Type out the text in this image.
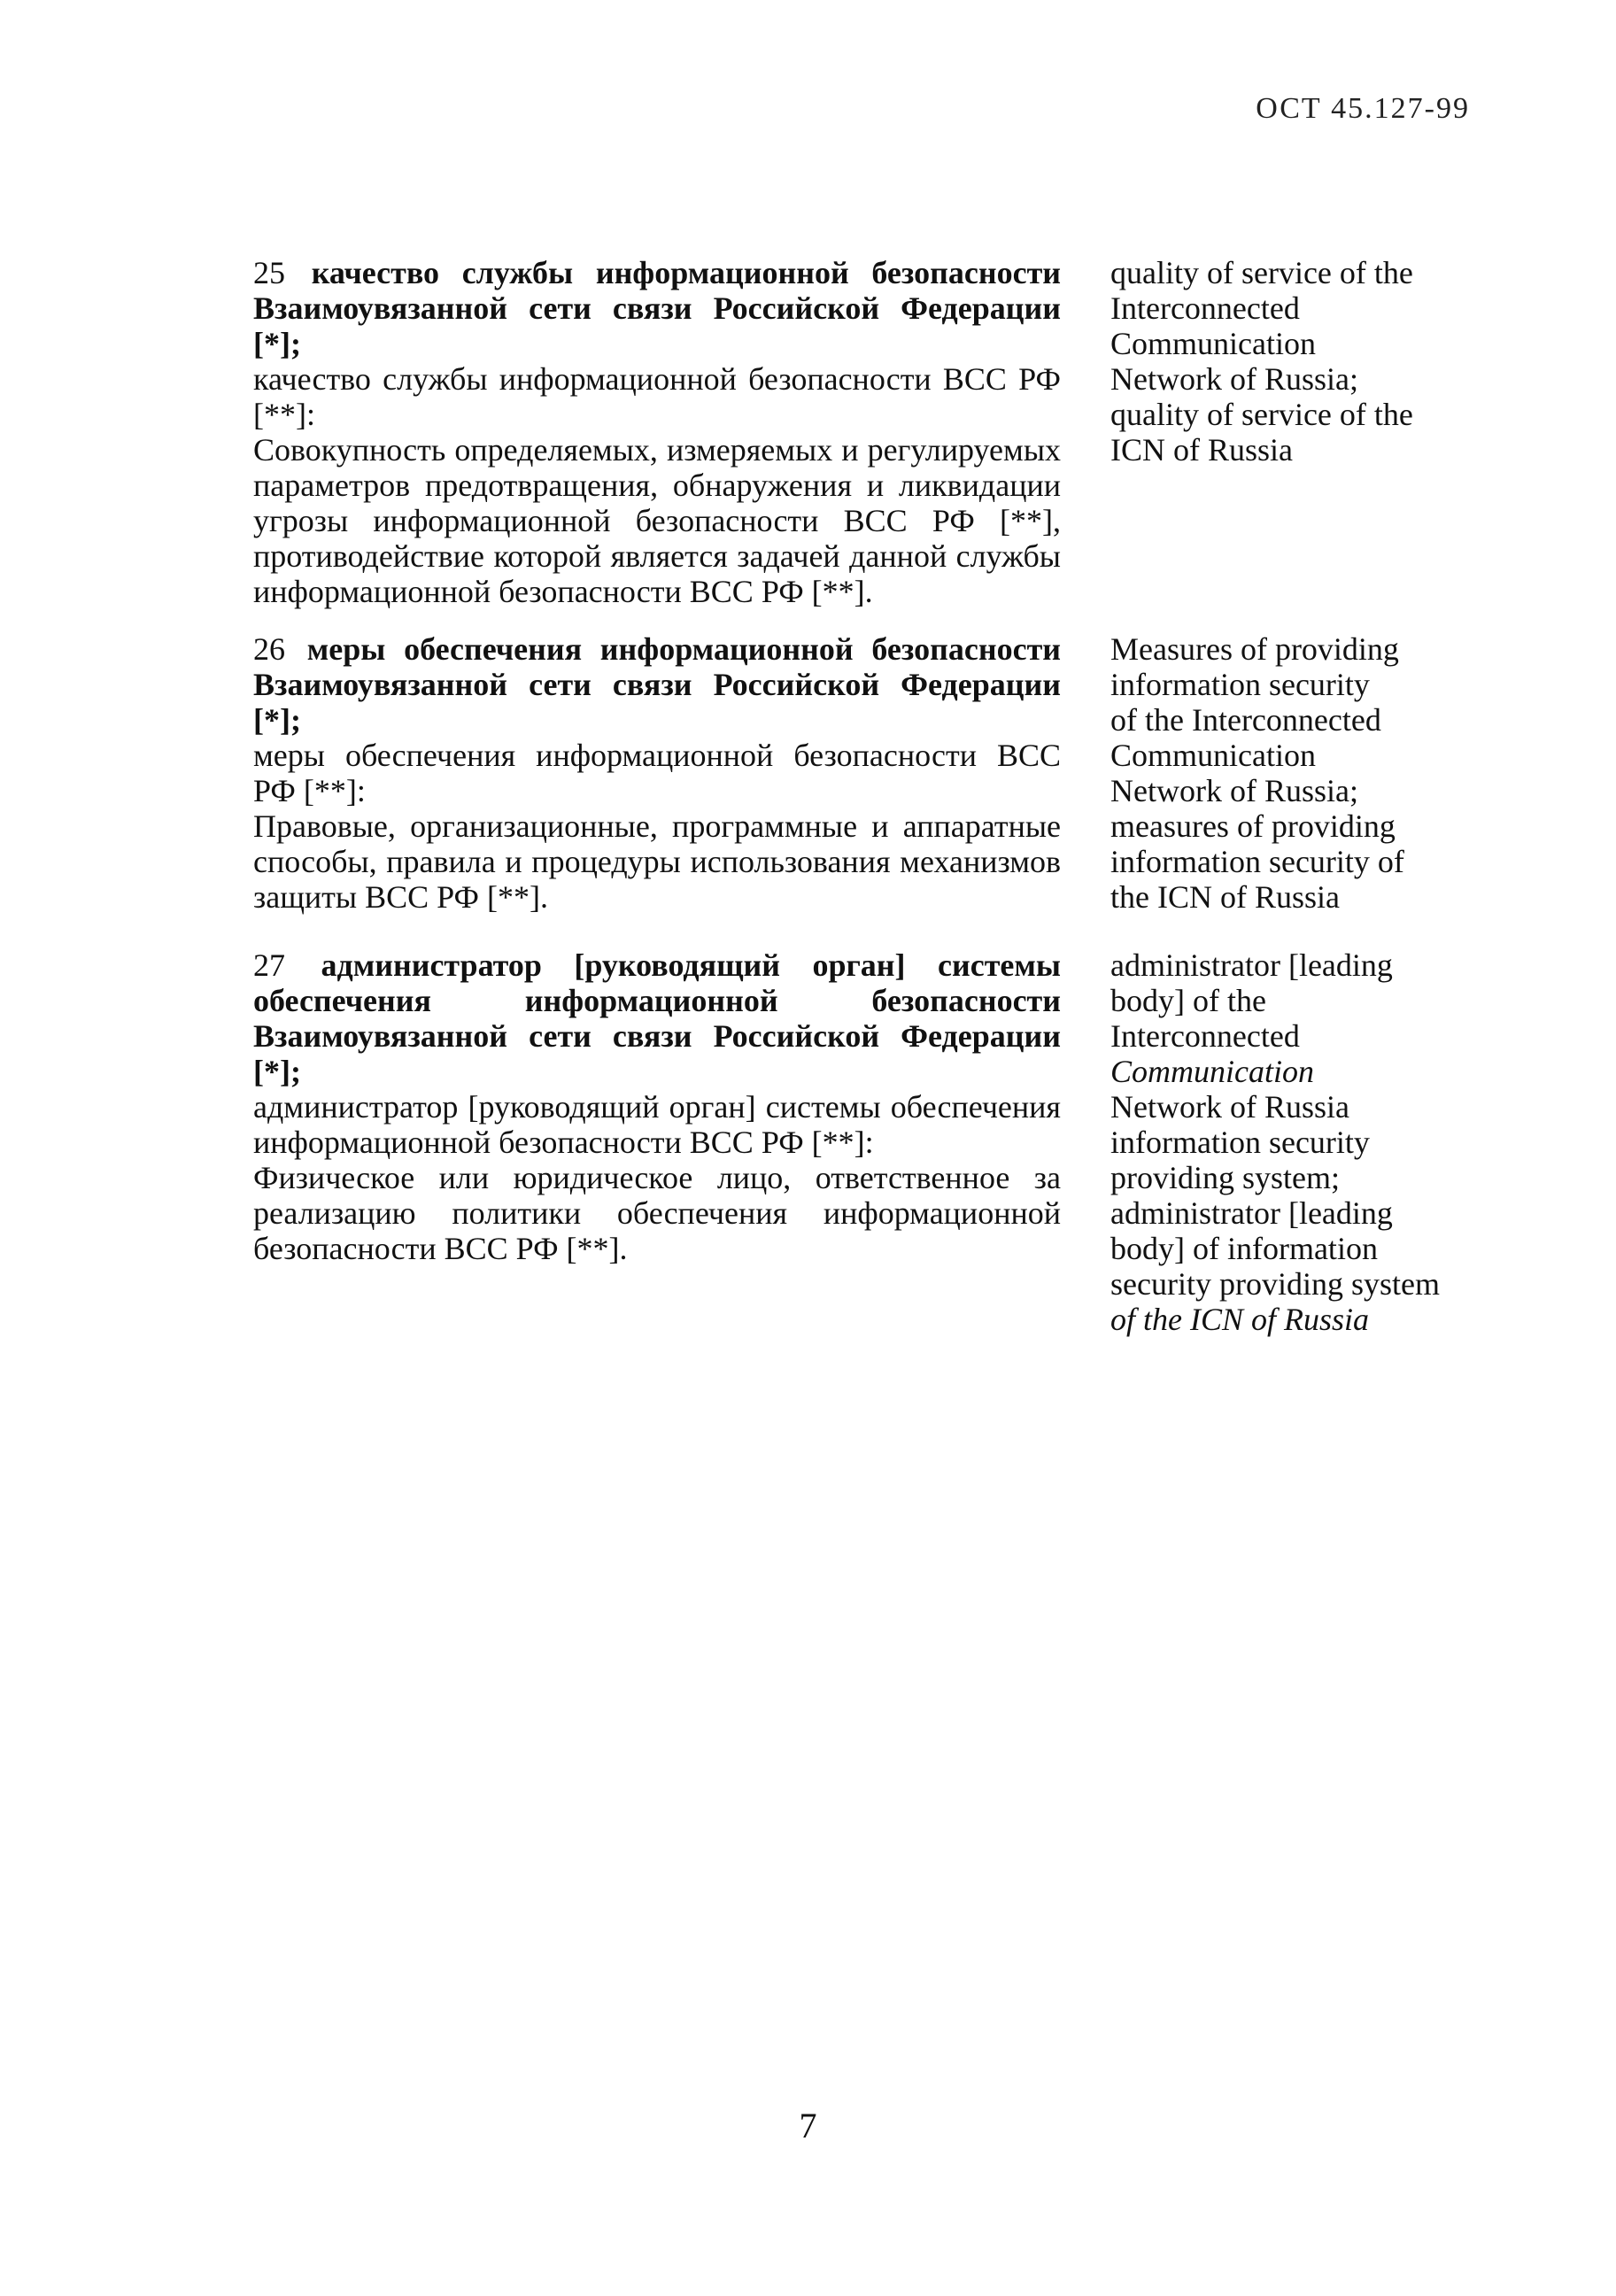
ОСТ 45.127-99
25 качество службы информационной безопасности Взаимоувязанной сети связи Российской Федерации [*];
качество службы информационной безопасности ВСС РФ [**]:
Совокупность определяемых, измеряемых и регулируемых параметров предотвращения, обнаружения и ликвидации угрозы информационной безопасности ВСС РФ [**], противодействие которой является задачей данной службы информационной безопасности ВСС РФ [**].
quality of service of the
Interconnected
Communication
Network of Russia;
quality of service of the
ICN of Russia
26 меры обеспечения информационной безопасности Взаимоувязанной сети связи Российской Федерации [*];
меры обеспечения информационной безопасности ВСС РФ [**]:
Правовые, организационные, программные и аппаратные способы, правила и процедуры использования механизмов защиты ВСС РФ [**].
Measures of providing
information security
of the Interconnected
Communication
Network of Russia;
measures of providing
information security of
the ICN of Russia
27 администратор [руководящий орган] системы обеспечения информационной безопасности Взаимоувязанной сети связи Российской Федерации [*];
администратор [руководящий орган] системы обеспечения информационной безопасности ВСС РФ [**]:
Физическое или юридическое лицо, ответственное за реализацию политики обеспечения информационной безопасности ВСС РФ [**].
administrator [leading
body] of the
Interconnected
Communication
Network of Russia
information security
providing system;
administrator [leading
body] of information
security providing system
of the ICN of Russia
7
